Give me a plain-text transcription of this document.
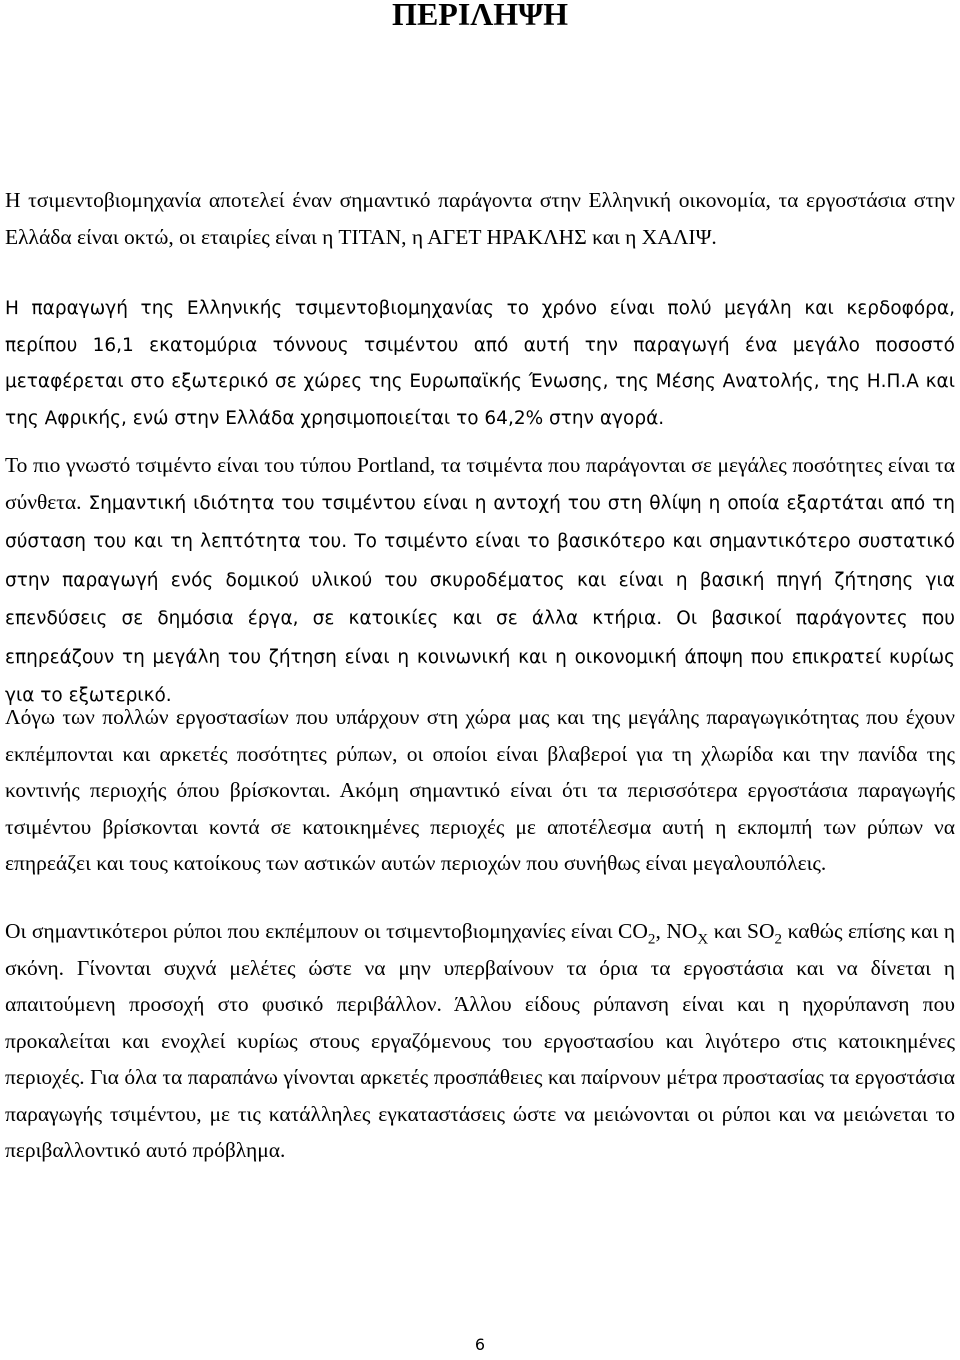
ΠΕΡΙΛΗΨΗ

Η τσιμεντοβιομηχανία αποτελεί έναν σημαντικό παράγοντα στην Ελληνική οικονομία, τα εργοστάσια στην Ελλάδα είναι οκτώ, οι εταιρίες είναι η ΤΙΤΑΝ, η ΑΓΕΤ ΗΡΑΚΛΗΣ και η ΧΑΛΙΨ.

Η παραγωγή της Ελληνικής τσιμεντοβιομηχανίας το χρόνο είναι πολύ μεγάλη και κερδοφόρα, περίπου 16,1 εκατομύρια τόννους τσιμέντου από αυτή την παραγωγή ένα μεγάλο ποσοστό μεταφέρεται στο εξωτερικό σε χώρες της Ευρωπαϊκής Ένωσης, της Μέσης Ανατολής, της Η.Π.Α και της Αφρικής, ενώ στην Ελλάδα χρησιμοποιείται το 64,2% στην αγορά.

Το πιο γνωστό τσιμέντο είναι του τύπου Portland, τα τσιμέντα που παράγονται σε μεγάλες ποσότητες είναι τα σύνθετα. Σημαντική ιδιότητα του τσιμέντου είναι η αντοχή του στη θλίψη η οποία εξαρτάται από τη σύσταση του και τη λεπτότητα του. Το τσιμέντο είναι το βασικότερο και σημαντικότερο συστατικό στην παραγωγή ενός δομικού υλικού του σκυροδέματος και είναι η βασική πηγή ζήτησης για επενδύσεις σε δημόσια έργα, σε κατοικίες και σε άλλα κτήρια. Οι βασικοί παράγοντες που επηρεάζουν τη μεγάλη του ζήτηση είναι η κοινωνική και η οικονομική άποψη που επικρατεί κυρίως για το εξωτερικό.

Λόγω των πολλών εργοστασίων που υπάρχουν στη χώρα μας και της μεγάλης παραγωγικότητας που έχουν εκπέμπονται και αρκετές ποσότητες ρύπων, οι οποίοι είναι βλαβεροί για τη χλωρίδα και την πανίδα της κοντινής περιοχής όπου βρίσκονται. Ακόμη σημαντικό είναι ότι τα περισσότερα εργοστάσια παραγωγής τσιμέντου βρίσκονται κοντά σε κατοικημένες περιοχές με αποτέλεσμα αυτή η εκπομπή των ρύπων να επηρεάζει και τους κατοίκους των αστικών αυτών περιοχών που συνήθως είναι μεγαλουπόλεις.

Οι σημαντικότεροι ρύποι που εκπέμπουν οι τσιμεντοβιομηχανίες είναι $CO_2$, $NO_X$ και $SO_2$ καθώς επίσης και η σκόνη. Γίνονται συχνά μελέτες ώστε να μην υπερβαίνουν τα όρια τα εργοστάσια και να δίνεται η απαιτούμενη προσοχή στο φυσικό περιβάλλον. Άλλου είδους ρύπανση είναι και η ηχορύπανση που προκαλείται και ενοχλεί κυρίως στους εργαζόμενους του εργοστασίου και λιγότερο στις κατοικημένες περιοχές. Για όλα τα παραπάνω γίνονται αρκετές προσπάθειες και παίρνουν μέτρα προστασίας τα εργοστάσια παραγωγής τσιμέντου, με τις κατάλληλες εγκαταστάσεις ώστε να μειώνονται οι ρύποι και να μειώνεται το περιβαλλοντικό αυτό πρόβλημα.

6
